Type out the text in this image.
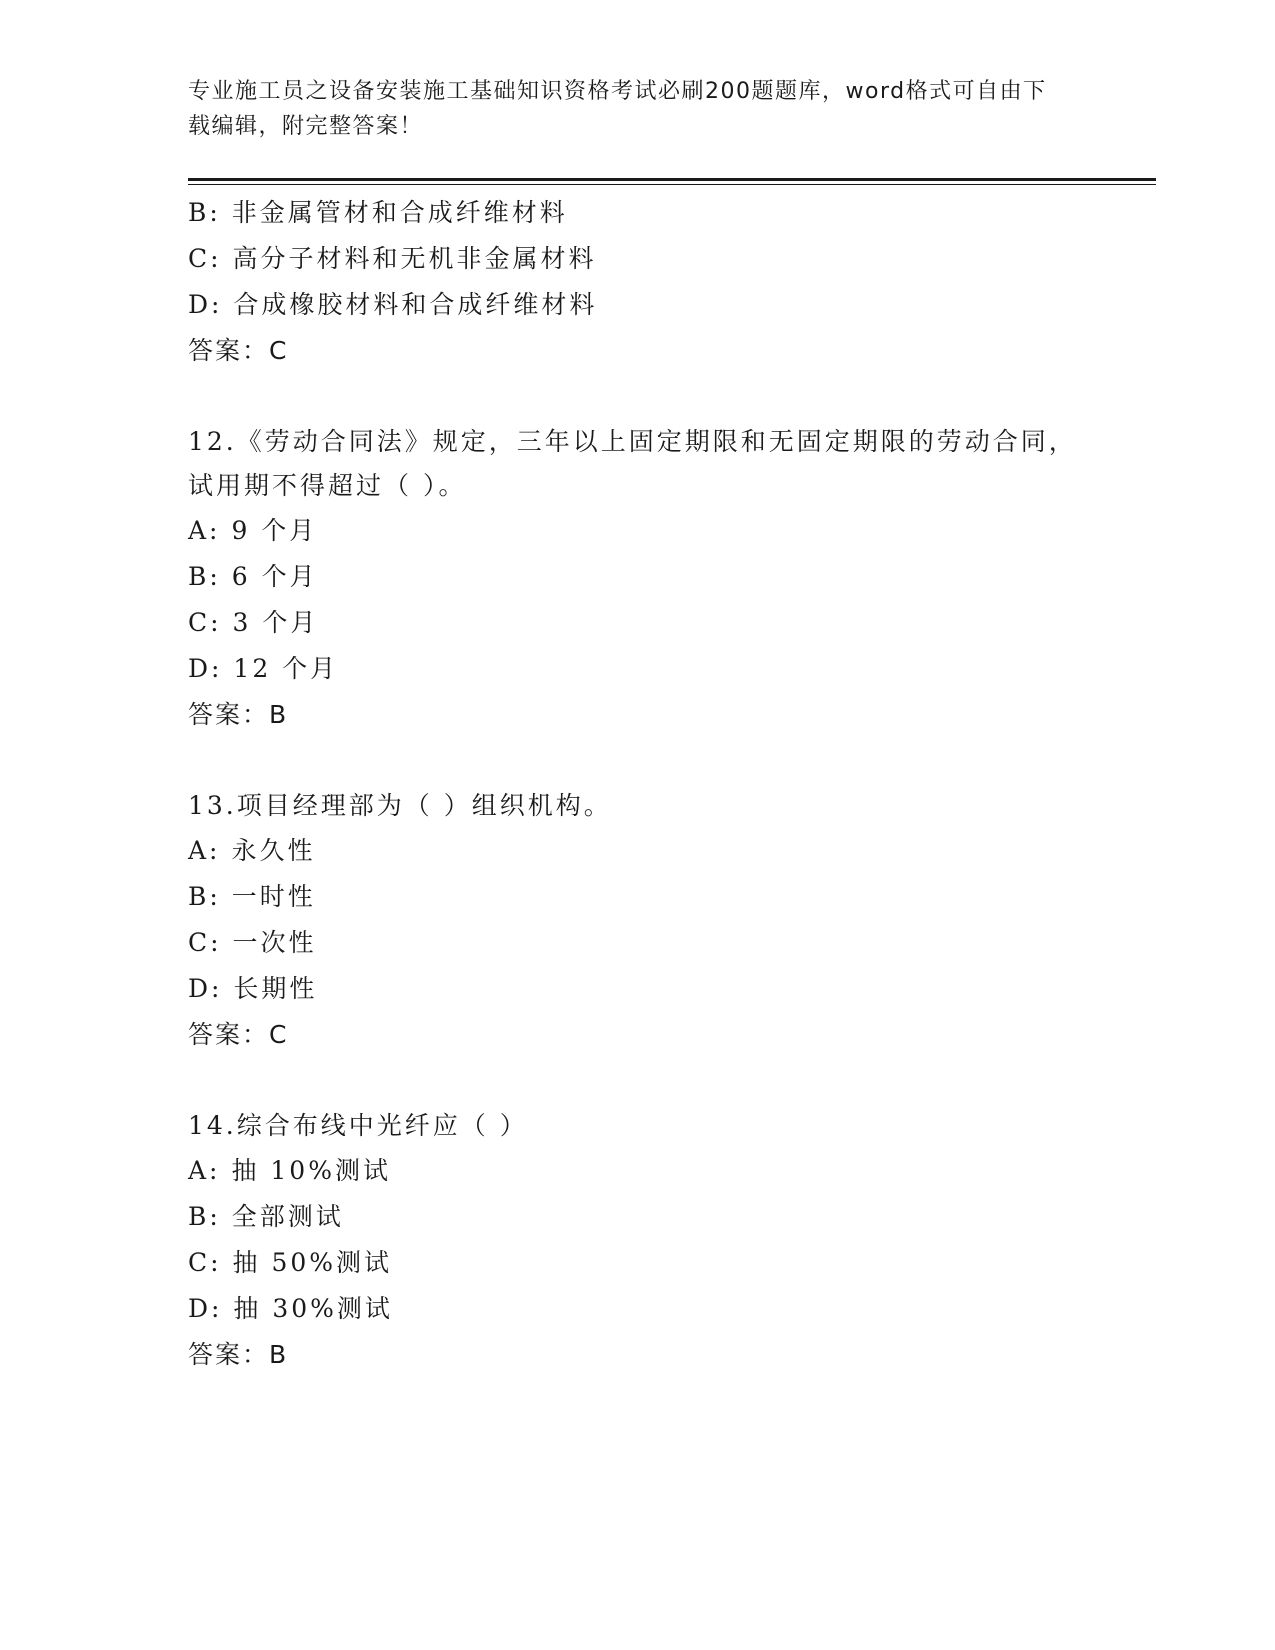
专业施工员之设备安装施工基础知识资格考试必刷200题题库，word格式可自由下载编辑，附完整答案！
B: 非金属管材和合成纤维材料
C: 高分子材料和无机非金属材料
D: 合成橡胶材料和合成纤维材料
答案：C
12.《劳动合同法》规定，三年以上固定期限和无固定期限的劳动合同，试用期不得超过（ ）。
A: 9 个月
B: 6 个月
C: 3 个月
D: 12 个月
答案：B
13.项目经理部为（ ）组织机构。
A: 永久性
B: 一时性
C: 一次性
D: 长期性
答案：C
14.综合布线中光纤应（ ）
A: 抽 10%测试
B: 全部测试
C: 抽 50%测试
D: 抽 30%测试
答案：B
